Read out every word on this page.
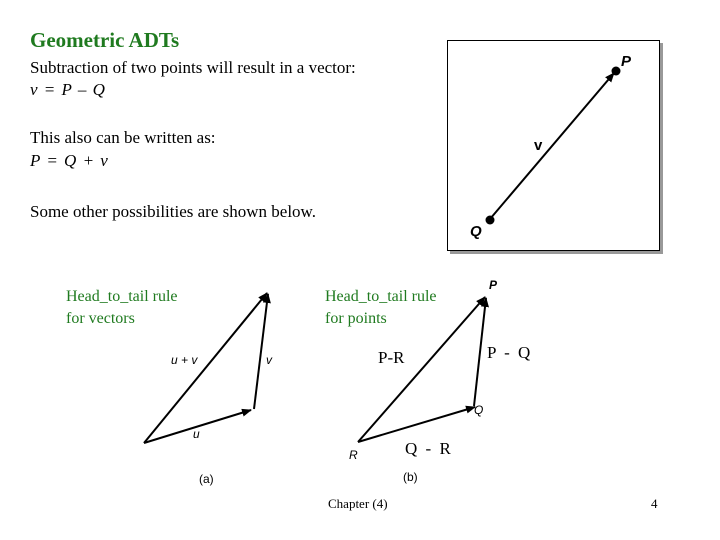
Geometric ADTs
Subtraction of two points will result in a vector:
v = P – Q
This also can be written as:
P = Q + v
Some other possibilities are shown below.
P
Q
v
Head_to_tail rule
for vectors
Head_to_tail rule
for points
u + v	v
u
(a)
P
Q
R
(b)
P-R	P - Q
Q - R
Chapter (4)	4
